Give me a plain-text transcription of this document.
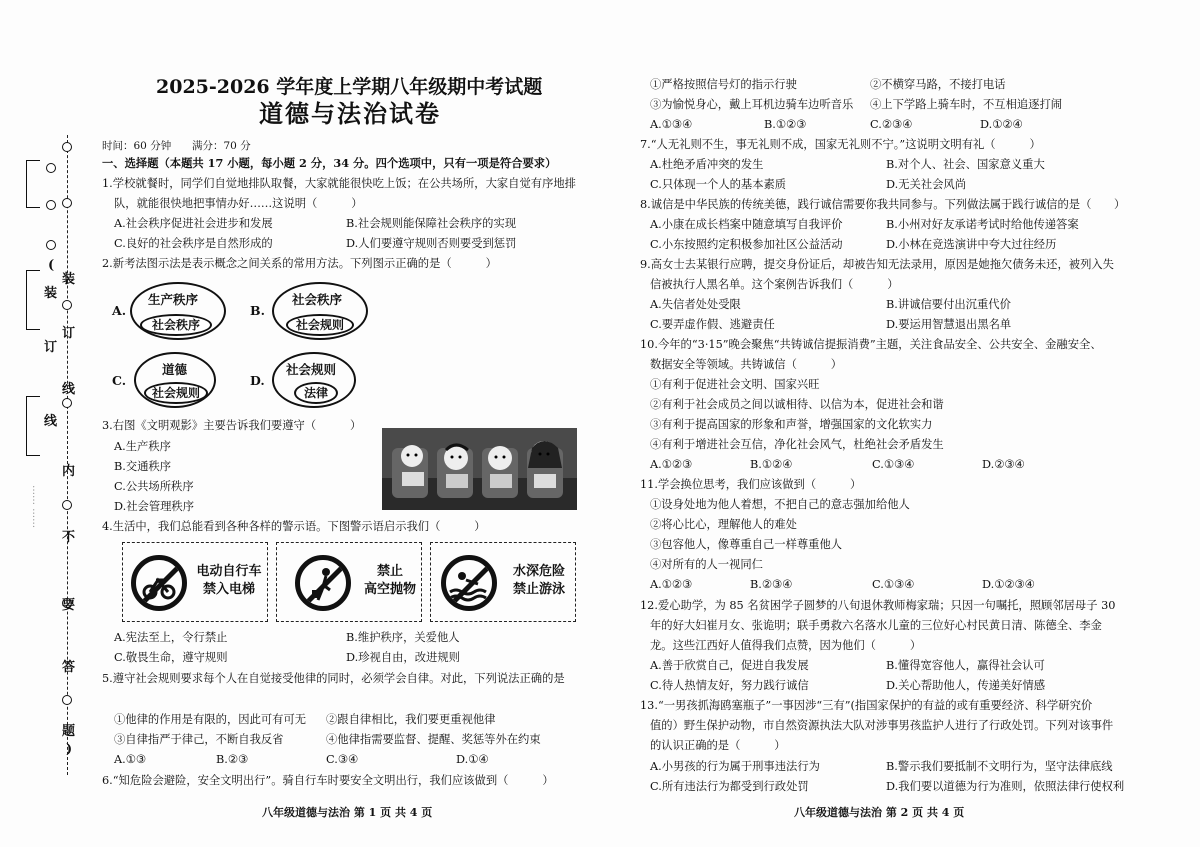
…… ……
(
装
订
线
装
订
线
内
不
要
答
题
)
2025-2026 学年度上学期八年级期中考试题
道德与法治试卷
时间：60 分钟 满分：70 分
一、选择题（本题共 17 小题，每小题 2 分，34 分。四个选项中，只有一项是符合要求）
1.学校就餐时，同学们自觉地排队取餐，大家就能很快吃上饭；在公共场所，大家自觉有序地排
队，就能很快地把事情办好……这说明（　　　）
A.社会秩序促进社会进步和发展	B.社会规则能保障社会秩序的实现
C.良好的社会秩序是自然形成的	D.人们要遵守规则否则要受到惩罚
2.新考法图示法是表示概念之间关系的常用方法。下列图示正确的是（　　　）
A.
生产秩序
社会秩序
B.
社会秩序
社会规则
C.
道德
社会规则
D.
社会规则
法律
3.右图《文明观影》主要告诉我们要遵守（　　　）
A.生产秩序
B.交通秩序
C.公共场所秩序
D.社会管理秩序
4.生活中，我们总能看到各种各样的警示语。下图警示语启示我们（　　　）
电动自行车
禁入电梯
禁止
高空抛物
水深危险
禁止游泳
A.宪法至上，令行禁止	B.维护秩序，关爱他人
C.敬畏生命，遵守规则	D.珍视自由，改进规则
5.遵守社会规则要求每个人在自觉接受他律的同时，必须学会自律。对此，下列说法正确的是
①他律的作用是有限的，因此可有可无 ②跟自律相比，我们要更重视他律
③自律指严于律己，不断自我反省	④他律指需要监督、提醒、奖惩等外在约束
A.①③	B.②③	C.③④	D.①④
6.“知危险会避险，安全文明出行”。骑自行车时要安全文明出行，我们应该做到（　　　）
八年级道德与法治 第 1 页 共 4 页
①严格按照信号灯的指示行驶	②不横穿马路，不接打电话
③为愉悦身心，戴上耳机边骑车边听音乐 ④上下学路上骑车时，不互相追逐打闹
A.①③④	B.①②③	C.②③④	D.①②④
7.“人无礼则不生，事无礼则不成，国家无礼则不宁。”这说明文明有礼（　　　）
A.杜绝矛盾冲突的发生	B.对个人、社会、国家意义重大
C.只体现一个人的基本素质	D.无关社会风尚
8.诚信是中华民族的传统美德，践行诚信需要你我共同参与。下列做法属于践行诚信的是（　　）
A.小康在成长档案中随意填写自我评价	B.小州对好友承诺考试时给他传递答案
C.小东按照约定积极参加社区公益活动	D.小林在竞选演讲中夸大过往经历
9.高女士去某银行应聘，提交身份证后，却被告知无法录用，原因是她拖欠债务未还，被列入失
信被执行人黑名单。这个案例告诉我们（　　　）
A.失信者处处受限	B.讲诚信要付出沉重代价
C.要弄虚作假、逃避责任	D.要运用智慧退出黑名单
10.今年的“3·15”晚会聚焦“共铸诚信提振消费”主题，关注食品安全、公共安全、金融安全、
数据安全等领域。共铸诚信（　　　）
①有利于促进社会文明、国家兴旺
②有利于社会成员之间以诚相待、以信为本，促进社会和谐
③有利于提高国家的形象和声誉，增强国家的文化软实力
④有利于增进社会互信，净化社会风气，杜绝社会矛盾发生
A.①②③	B.①②④	C.①③④	D.②③④
11.学会换位思考，我们应该做到（　　　）
①设身处地为他人着想，不把自己的意志强加给他人
②将心比心，理解他人的难处
③包容他人，像尊重自己一样尊重他人
④对所有的人一视同仁
A.①②③	B.②③④	C.①③④	D.①②③④
12.爱心助学，为 85 名贫困学子圆梦的八旬退休教师梅家瑞；只因一句嘱托，照顾邻居母子 30
年的好大妇崔月女、张诡明；联手勇救六名落水儿童的三位好心村民黄日清、陈德全、李金
龙。这些江西好人值得我们点赞，因为他们（　　　）
A.善于欣赏自己，促进自我发展	B.懂得宽容他人，赢得社会认可
C.待人热情友好，努力践行诚信	D.关心帮助他人，传递美好情感
13.“一男孩抓海鸥塞瓶子”一事因涉“三有”(指国家保护的有益的或有重要经济、科学研究价
值的）野生保护动物，市自然资源执法大队对涉事男孩监护人进行了行政处罚。下列对该事件
的认识正确的是（　　　）
A.小男孩的行为属于刑事违法行为	B.警示我们要抵制不文明行为，坚守法律底线
C.所有违法行为都受到行政处罚	D.我们要以道德为行为准则，依照法律行使权利
八年级道德与法治 第 2 页 共 4 页
